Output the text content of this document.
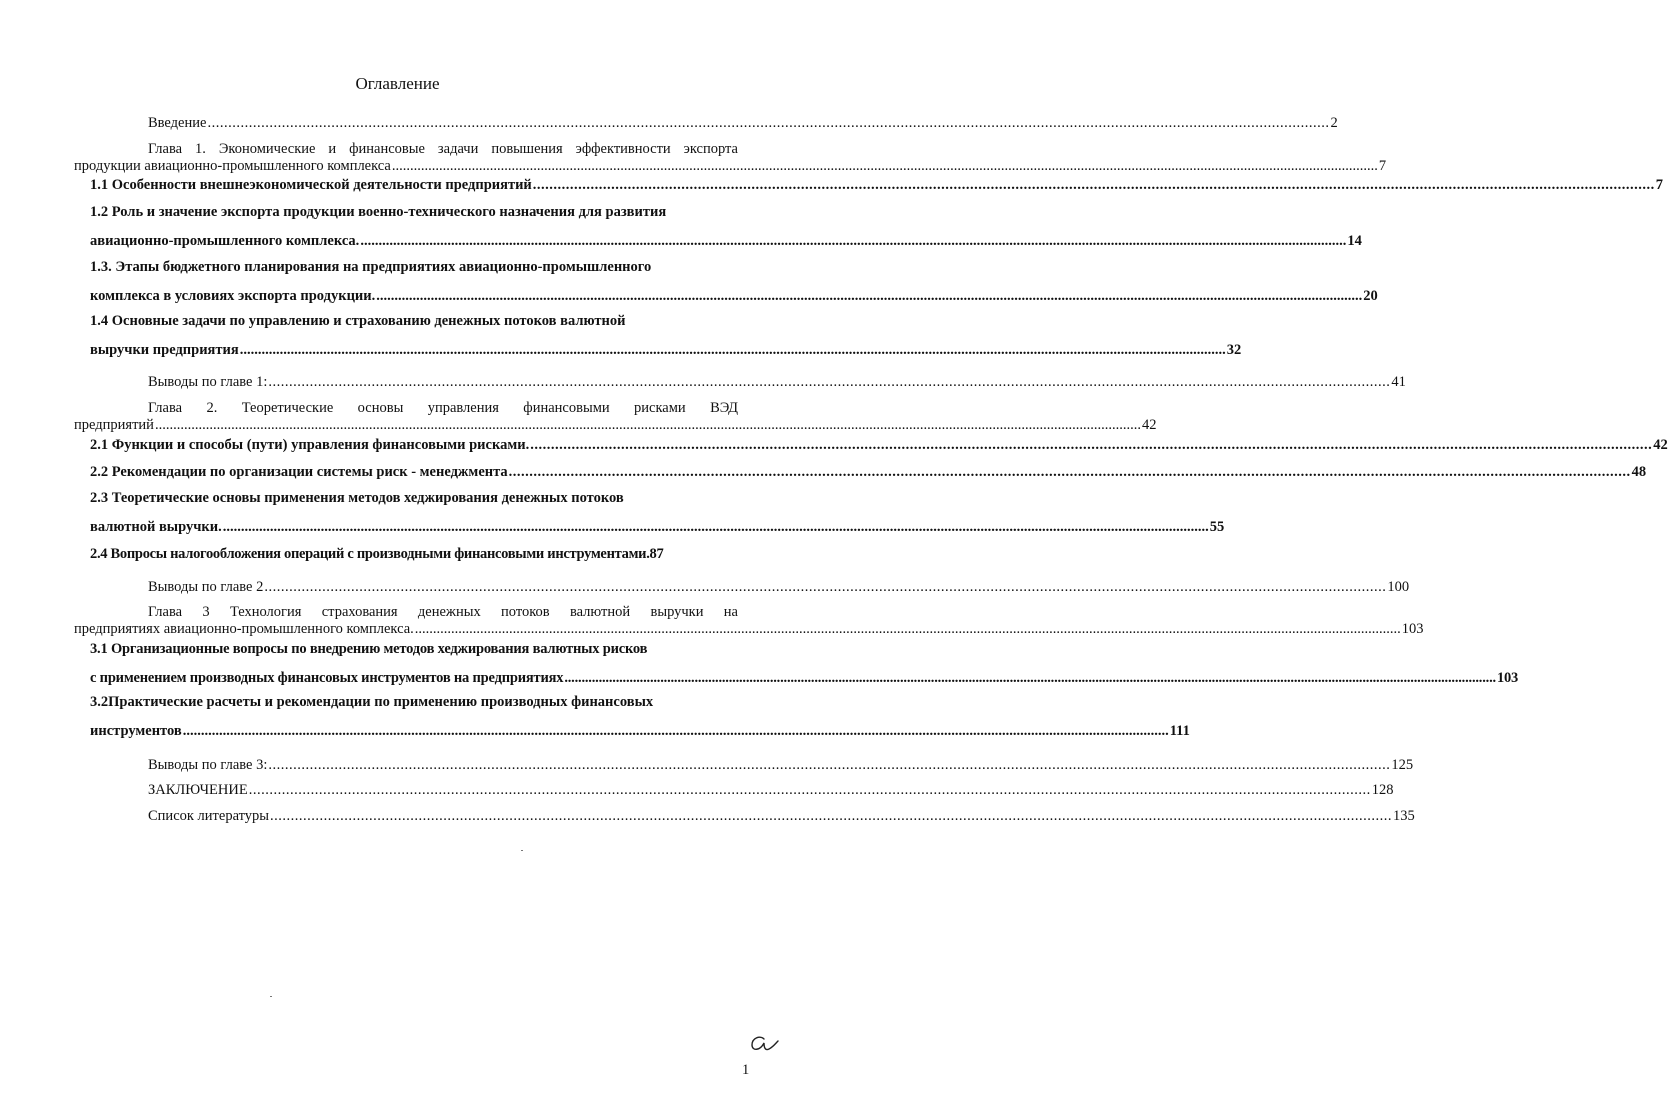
Оглавление
Введение .....	2
Глава 1. Экономические и финансовые задачи повышения эффективности экспорта
продукции авиационно-промышленного комплекса .....	7
1.1 Особенности внешнеэкономической деятельности предприятий .....	7
1.2 Роль и значение экспорта продукции военно-технического назначения для развития
авиационно-промышленного комплекса. .....	14
1.3. Этапы бюджетного планирования на предприятиях авиационно-промышленного
комплекса в условиях экспорта продукции. .....	20
1.4 Основные задачи по управлению и страхованию денежных потоков валютной
выручки предприятия .....	32
Выводы по главе 1: .....	41
Глава 2. Теоретические основы управления финансовыми рисками ВЭД
предприятий .....	42
2.1 Функции и способы (пути) управления финансовыми рисками. .....	42
2.2 Рекомендации по организации системы риск - менеджмента .....	48
2.3 Теоретические основы применения методов хеджирования денежных потоков
валютной выручки. .....	55
2.4 Вопросы налогообложения операций с производными финансовыми инструментами. 87
Выводы по главе 2 .....	100
Глава 3 Технология страхования денежных потоков валютной выручки на
предприятиях авиационно-промышленного комплекса. .....	103
3.1 Организационные вопросы по внедрению методов хеджирования валютных рисков
с применением производных финансовых инструментов на предприятиях .....	103
3.2Практические расчеты и рекомендации по применению производных финансовых
инструментов .....	111
Выводы по главе 3: .....	125
ЗАКЛЮЧЕНИЕ .....	128
Список литературы .....	135
1
